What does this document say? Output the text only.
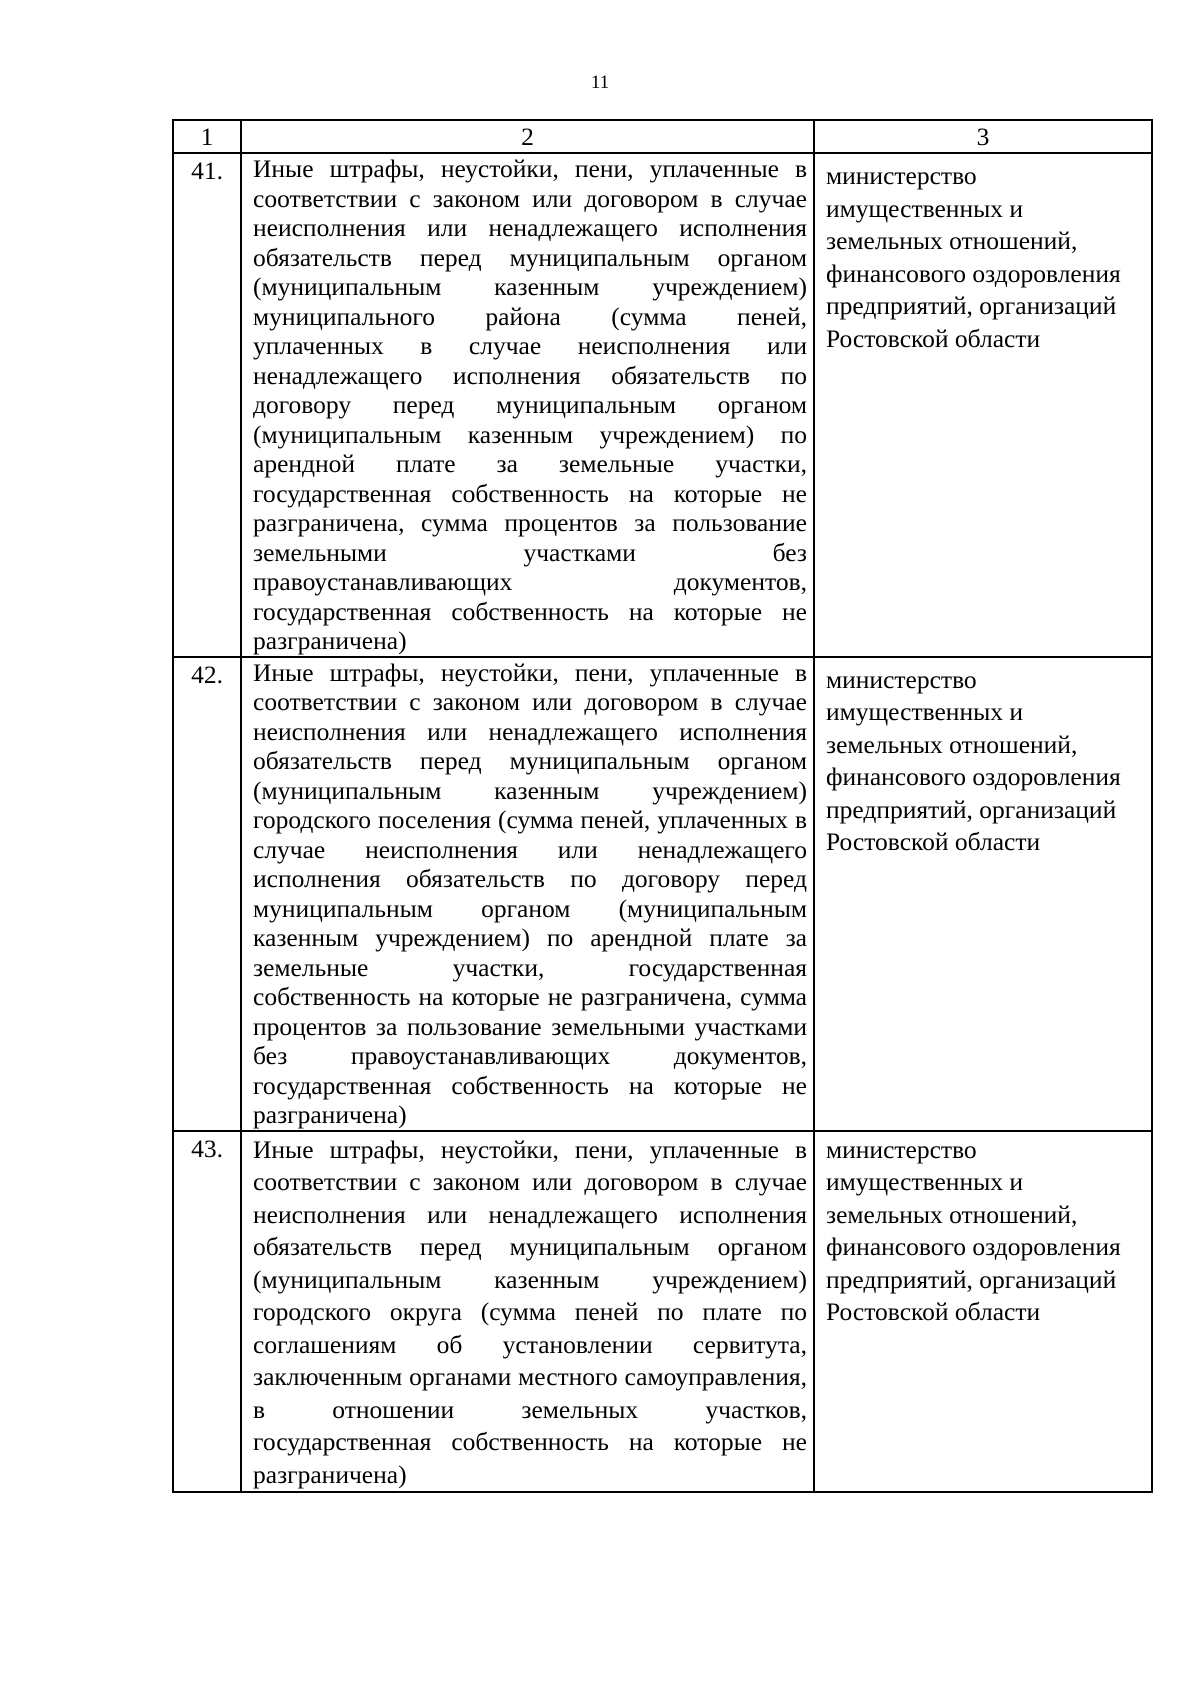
11
1	2	3
41.	Иные штрафы, неустойки, пени, уплаченные в соответствии с законом или договором в случае неисполнения или ненадлежащего исполнения обязательств перед муниципальным органом (муниципальным казенным учреждением) муниципального района (сумма пеней, уплаченных в случае неисполнения или ненадлежащего исполнения обязательств по договору перед муниципальным органом (муниципальным казенным учреждением) по арендной плате за земельные участки, государственная собственность на которые не разграничена, сумма процентов за пользование земельными участками без правоустанавливающих документов, государственная собственность на которые не разграничена)	министерство имущественных и земельных отношений, финансового оздоровления предприятий, организаций Ростовской области
42.	Иные штрафы, неустойки, пени, уплаченные в соответствии с законом или договором в случае неисполнения или ненадлежащего исполнения обязательств перед муниципальным органом (муниципальным казенным учреждением) городского поселения (сумма пеней, уплаченных в случае неисполнения или ненадлежащего исполнения обязательств по договору перед муниципальным органом (муниципальным казенным учреждением) по арендной плате за земельные участки, государственная собственность на которые не разграничена, сумма процентов за пользование земельными участками без правоустанавливающих документов, государственная собственность на которые не разграничена)	министерство имущественных и земельных отношений, финансового оздоровления предприятий, организаций Ростовской области
43.	Иные штрафы, неустойки, пени, уплаченные в соответствии с законом или договором в случае неисполнения или ненадлежащего исполнения обязательств перед муниципальным органом (муниципальным казенным учреждением) городского округа (сумма пеней по плате по соглашениям об установлении сервитута, заключенным органами местного самоуправления, в отношении земельных участков, государственная собственность на которые не разграничена)	министерство имущественных и земельных отношений, финансового оздоровления предприятий, организаций Ростовской области
